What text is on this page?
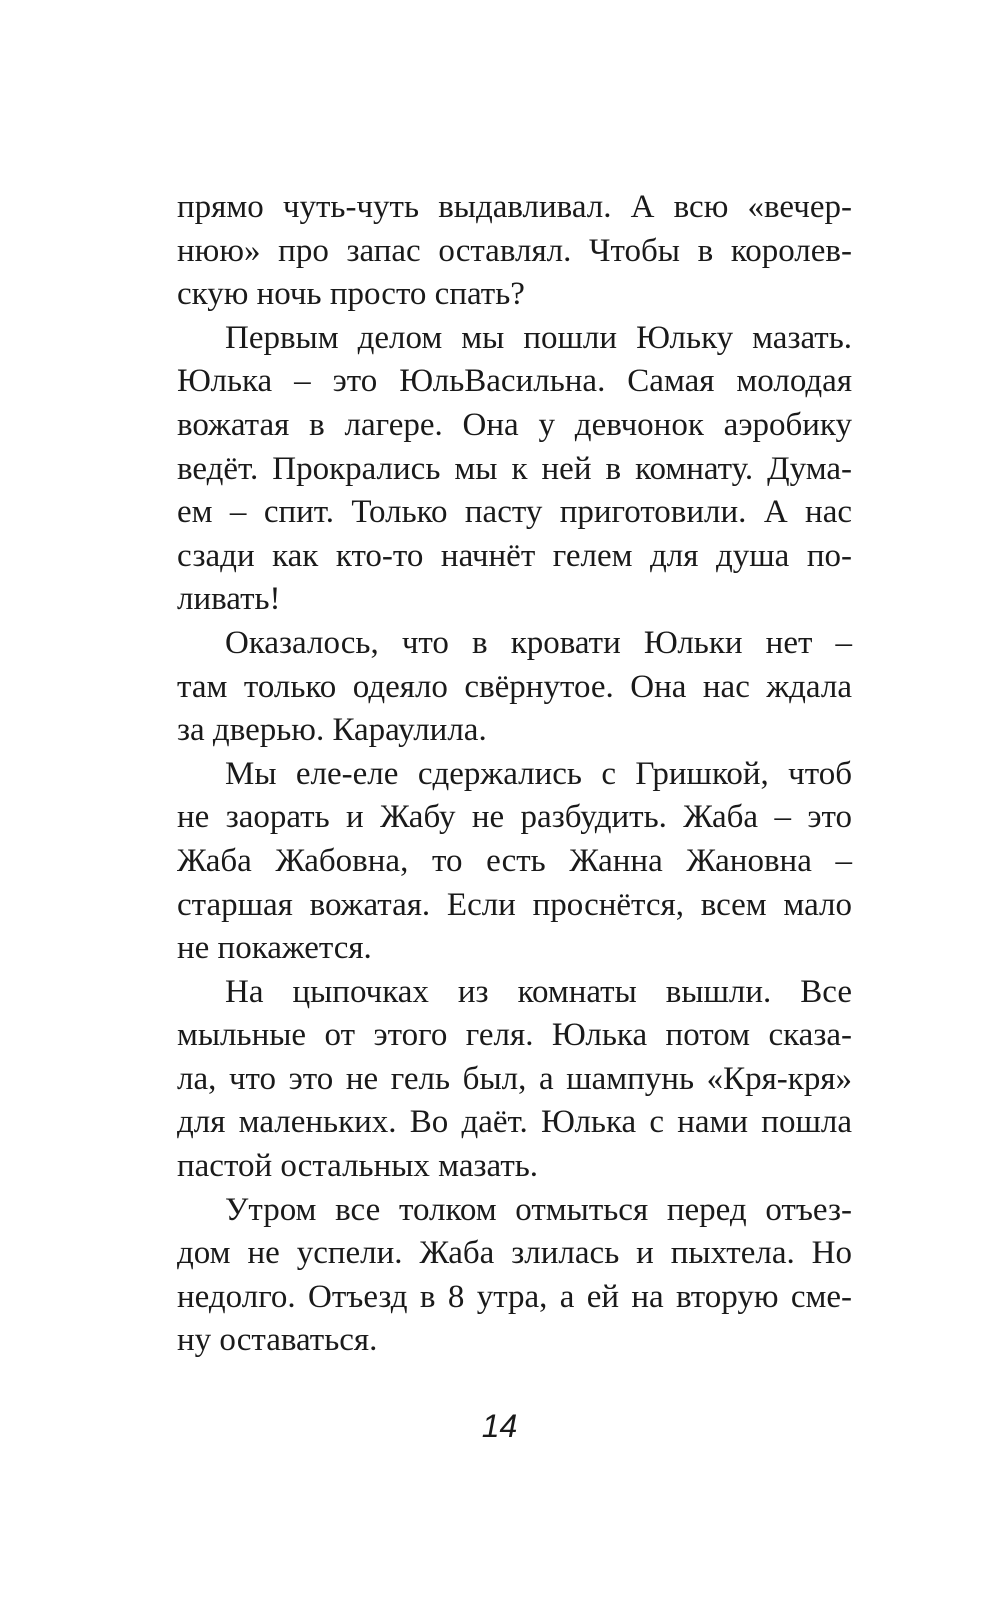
прямо чуть-чуть выдавливал. А всю «вечер-
нюю» про запас оставлял. Чтобы в королев-
скую ночь просто спать?
Первым делом мы пошли Юльку мазать.
Юлька – это ЮльВасильна. Самая молодая
вожатая в лагере. Она у девчонок аэробику
ведёт. Прокрались мы к ней в комнату. Дума-
ем – спит. Только пасту приготовили. А нас
сзади как кто-то начнёт гелем для душа по-
ливать!
Оказалось, что в кровати Юльки нет –
там только одеяло свёрнутое. Она нас ждала
за дверью. Караулила.
Мы еле-еле сдержались с Гришкой, чтоб
не заорать и Жабу не разбудить. Жаба – это
Жаба Жабовна, то есть Жанна Жановна –
старшая вожатая. Если проснётся, всем мало
не покажется.
На цыпочках из комнаты вышли. Все
мыльные от этого геля. Юлька потом сказа-
ла, что это не гель был, а шампунь «Кря-кря»
для маленьких. Во даёт. Юлька с нами пошла
пастой остальных мазать.
Утром все толком отмыться перед отъез-
дом не успели. Жаба злилась и пыхтела. Но
недолго. Отъезд в 8 утра, а ей на вторую сме-
ну оставаться.
14
